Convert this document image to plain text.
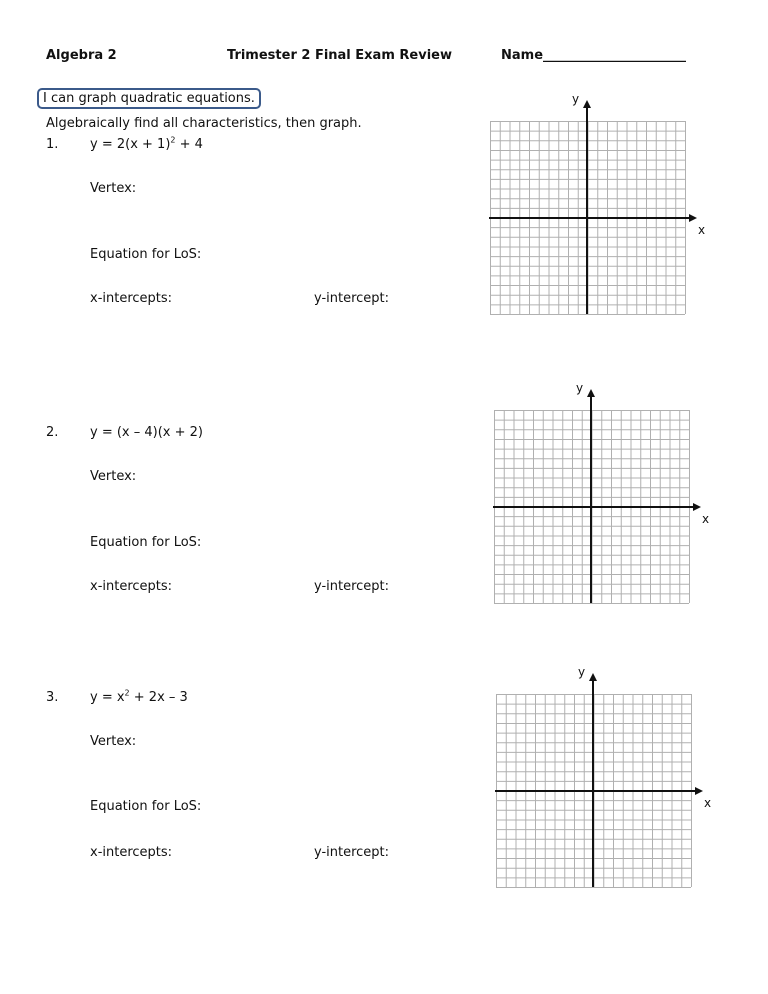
Algebra 2	Trimester 2 Final Exam Review	Name______________________
I can graph quadratic equations.
Algebraically find all characteristics, then graph.
1. $y = 2(x + 1)^2 + 4$
Vertex:
Equation for LoS:
x-intercepts:	y-intercept:
2. y = (x – 4)(x + 2)
Vertex:
Equation for LoS:
x-intercepts:	y-intercept:
3. $y = x^2 + 2x - 3$
Vertex:
Equation for LoS:
x-intercepts:	y-intercept:
y
x
y
x
y
x
